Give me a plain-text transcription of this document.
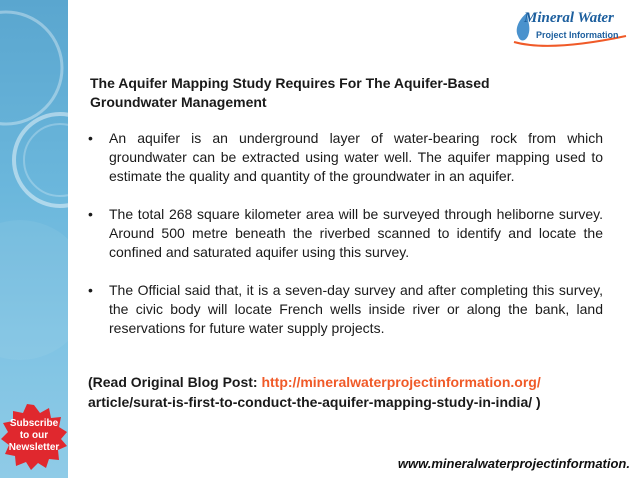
Mineral Water
Project Information
The Aquifer Mapping Study Requires For The Aquifer-Based
Groundwater Management
• An aquifer is an underground layer of water-bearing rock from which groundwater can be extracted using water well. The aquifer mapping used to estimate the quality and quantity of the groundwater in an aquifer.
• The total 268 square kilometer area will be surveyed through heliborne survey. Around 500 metre beneath the riverbed scanned to identify and locate the confined and saturated aquifer using this survey.
• The Official said that, it is a seven-day survey and after completing this survey, the civic body will locate French wells inside river or along the bank, land reservations for future water supply projects.
(Read Original Blog Post: http://mineralwaterprojectinformation.org/
article/surat-is-first-to-conduct-the-aquifer-mapping-study-in-india/ )
Subscribe
to our
Newsletter
www.mineralwaterprojectinformation.
